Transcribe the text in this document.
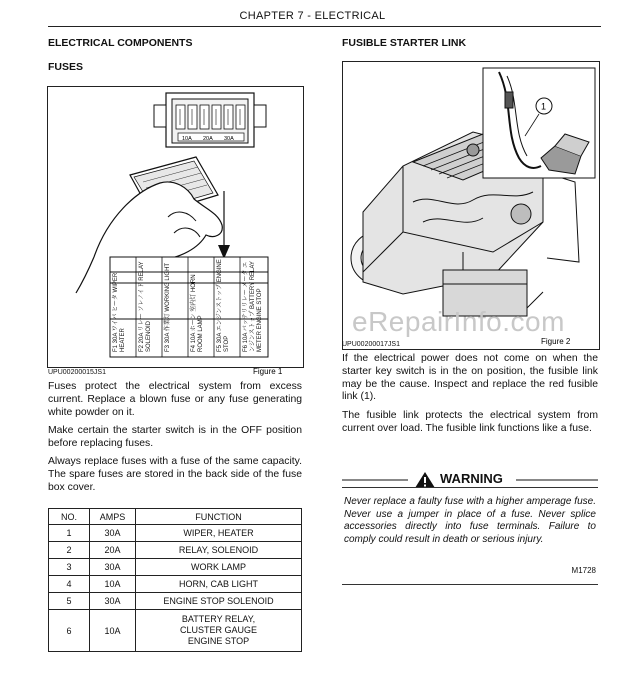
CHAPTER 7 - ELECTRICAL
ELECTRICAL COMPONENTS
FUSES
10A 20A 30A
Figure 1
F1 30A ワイパ ヒータ WIPER HEATER	F2 20A リレー ソレノイド RELAY SOLENOID	F3 30A 作業灯 WORKING LIGHT
F4 10A ホーン 室内灯 HORN ROOM LAMP	F5 30A エンジンストップ ENGINE STOP	F6 10A バッテリリレー メータ エンジンストップ BATTERY RELAY METER ENGINE STOP
UPU00200015JS1
Fuses protect the electrical system from excess current. Replace a blown fuse or any fuse generating white powder on it.
Make certain the starter switch is in the OFF position before replacing fuses.
Always replace fuses with a fuse of the same capacity. The spare fuses are stored in the back side of the fuse box cover.
NO.	AMPS	FUNCTION
1	30A	WIPER, HEATER
2	20A	RELAY, SOLENOID
3	30A	WORK LAMP
4	10A	HORN, CAB LIGHT
5	30A	ENGINE STOP SOLENOID
6	10A	BATTERY RELAY,
CLUSTER GAUGE
ENGINE STOP
FUSIBLE STARTER LINK
1
Figure 2
eRepairInfo.com
UPU00200017JS1
If the electrical power does not come on when the starter key switch is in the on position, the fusible link may be the cause. Inspect and replace the red fusible link (1).
The fusible link protects the electrical system from current over load. The fusible link functions like a fuse.
WARNING
Never replace a faulty fuse with a higher amperage fuse. Never use a jumper in place of a fuse. Never splice accessories directly into fuse terminals. Failure to comply could result in death or serious injury.
M1728
